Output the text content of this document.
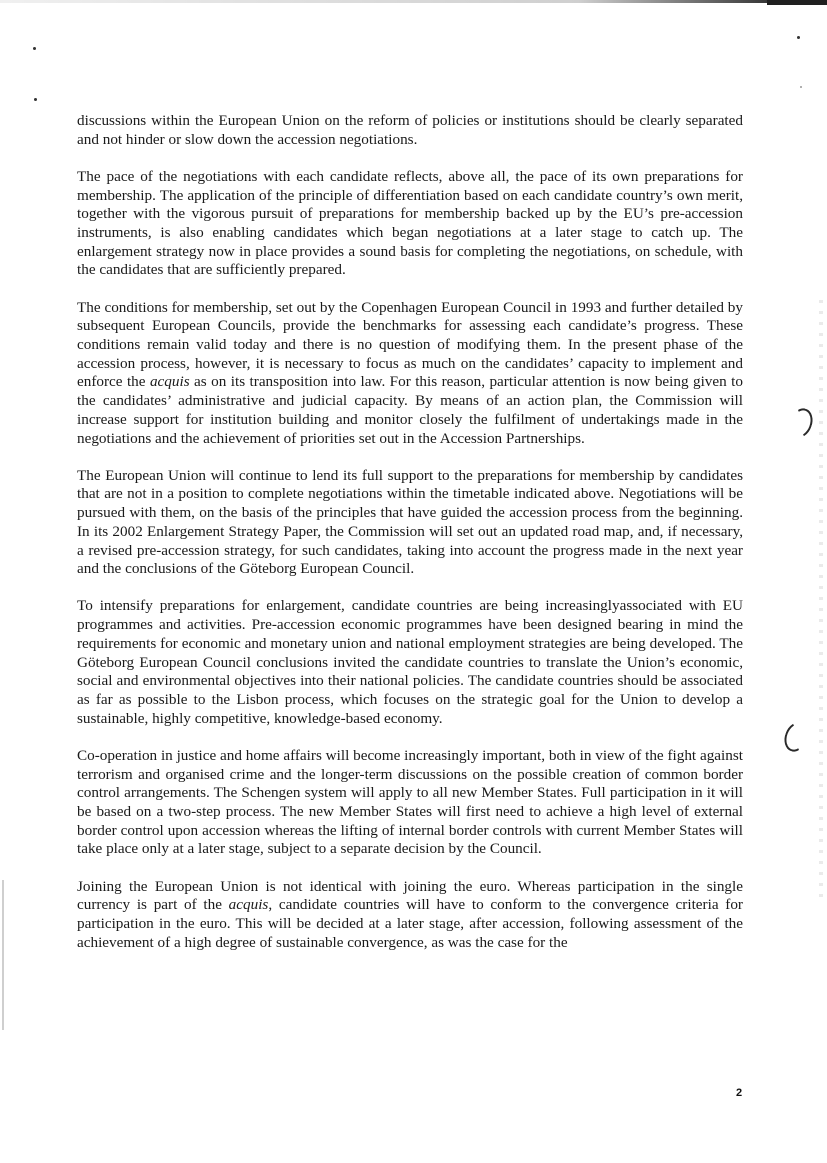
discussions within the European Union on the reform of policies or institutions should be clearly separated and not hinder or slow down the accession negotiations.

The pace of the negotiations with each candidate reflects, above all, the pace of its own preparations for membership. The application of the principle of differentiation based on each candidate country’s own merit, together with the vigorous pursuit of preparations for membership backed up by the EU’s pre-accession instruments, is also enabling candidates which began negotiations at a later stage to catch up. The enlargement strategy now in place provides a sound basis for completing the negotiations, on schedule, with the candidates that are sufficiently prepared.

The conditions for membership, set out by the Copenhagen European Council in 1993 and further detailed by subsequent European Councils, provide the benchmarks for assessing each candidate’s progress. These conditions remain valid today and there is no question of modifying them. In the present phase of the accession process, however, it is necessary to focus as much on the candidates’ capacity to implement and enforce the acquis as on its transposition into law. For this reason, particular attention is now being given to the candidates’ administrative and judicial capacity. By means of an action plan, the Commission will increase support for institution building and monitor closely the fulfilment of undertakings made in the negotiations and the achievement of priorities set out in the Accession Partnerships.

The European Union will continue to lend its full support to the preparations for membership by candidates that are not in a position to complete negotiations within the timetable indicated above. Negotiations will be pursued with them, on the basis of the principles that have guided the accession process from the beginning. In its 2002 Enlargement Strategy Paper, the Commission will set out an updated road map, and, if necessary, a revised pre-accession strategy, for such candidates, taking into account the progress made in the next year and the conclusions of the Göteborg European Council.

To intensify preparations for enlargement, candidate countries are being increasinglyassociated with EU programmes and activities. Pre-accession economic programmes have been designed bearing in mind the requirements for economic and monetary union and national employment strategies are being developed. The Göteborg European Council conclusions invited the candidate countries to translate the Union’s economic, social and environmental objectives into their national policies. The candidate countries should be associated as far as possible to the Lisbon process, which focuses on the strategic goal for the Union to develop a sustainable, highly competitive, knowledge-based economy.

Co-operation in justice and home affairs will become increasingly important, both in view of the fight against terrorism and organised crime and the longer-term discussions on the possible creation of common border control arrangements. The Schengen system will apply to all new Member States. Full participation in it will be based on a two-step process. The new Member States will first need to achieve a high level of external border control upon accession whereas the lifting of internal border controls with current Member States will take place only at a later stage, subject to a separate decision by the Council.

Joining the European Union is not identical with joining the euro. Whereas participation in the single currency is part of the acquis, candidate countries will have to conform to the convergence criteria for participation in the euro. This will be decided at a later stage, after accession, following assessment of the achievement of a high degree of sustainable convergence, as was the case for the

2
